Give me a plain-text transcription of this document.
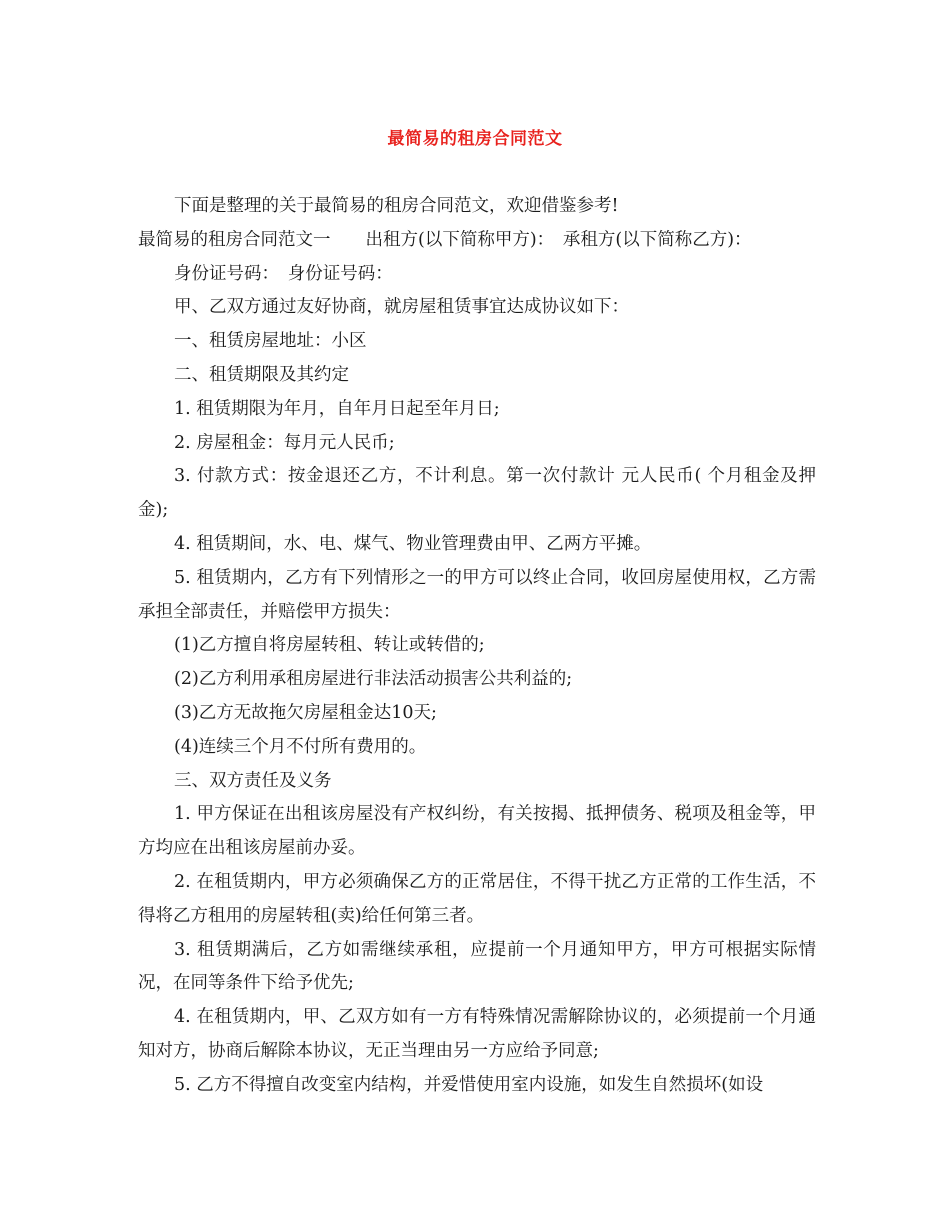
最简易的租房合同范文

下面是整理的关于最简易的租房合同范文，欢迎借鉴参考!

最简易的租房合同范文一　　出租方(以下简称甲方)：　承租方(以下简称乙方)：

身份证号码：　身份证号码：

甲、乙双方通过友好协商，就房屋租赁事宜达成协议如下：

一、租赁房屋地址：小区

二、租赁期限及其约定

1. 租赁期限为年月，自年月日起至年月日;

2. 房屋租金：每月元人民币;

3. 付款方式：按金退还乙方，不计利息。第一次付款计 元人民币( 个月租金及押金);

4. 租赁期间，水、电、煤气、物业管理费由甲、乙两方平摊。

5. 租赁期内，乙方有下列情形之一的甲方可以终止合同，收回房屋使用权，乙方需承担全部责任，并赔偿甲方损失：

(1)乙方擅自将房屋转租、转让或转借的;

(2)乙方利用承租房屋进行非法活动损害公共利益的;

(3)乙方无故拖欠房屋租金达10天;

(4)连续三个月不付所有费用的。

三、双方责任及义务

1. 甲方保证在出租该房屋没有产权纠纷，有关按揭、抵押债务、税项及租金等，甲方均应在出租该房屋前办妥。

2. 在租赁期内，甲方必须确保乙方的正常居住，不得干扰乙方正常的工作生活，不得将乙方租用的房屋转租(卖)给任何第三者。

3. 租赁期满后，乙方如需继续承租，应提前一个月通知甲方，甲方可根据实际情况，在同等条件下给予优先;

4. 在租赁期内，甲、乙双方如有一方有特殊情况需解除协议的，必须提前一个月通知对方，协商后解除本协议，无正当理由另一方应给予同意;

5. 乙方不得擅自改变室内结构，并爱惜使用室内设施，如发生自然损坏(如设
